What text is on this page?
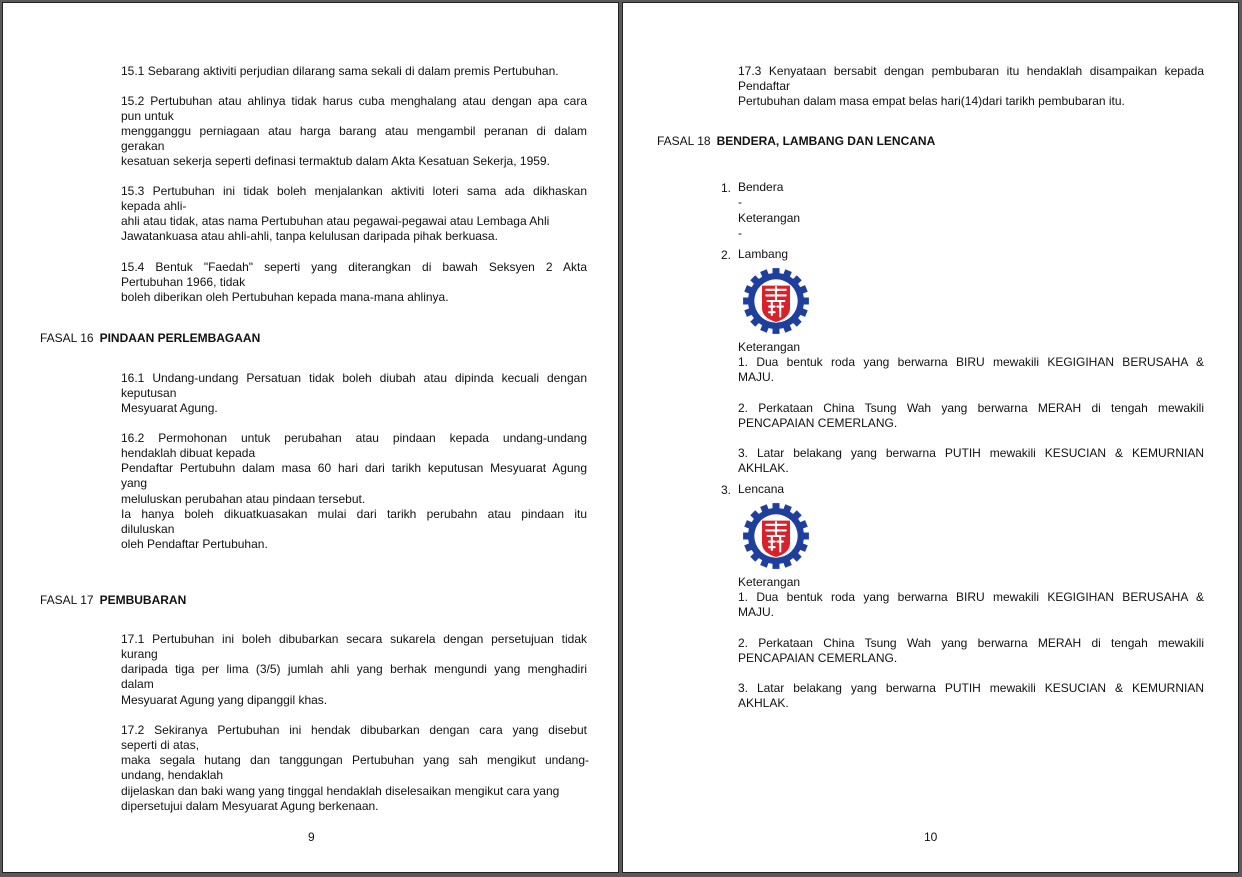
15.1 Sebarang aktiviti perjudian dilarang sama sekali di dalam premis Pertubuhan.
15.2 Pertubuhan atau ahlinya tidak harus cuba menghalang atau dengan apa cara
pun untuk
mengganggu perniagaan atau harga barang atau mengambil peranan di dalam
gerakan
kesatuan sekerja seperti definasi termaktub dalam Akta Kesatuan Sekerja, 1959.
15.3 Pertubuhan ini tidak boleh menjalankan aktiviti loteri sama ada dikhaskan
kepada ahli-
ahli atau tidak, atas nama Pertubuhan atau pegawai-pegawai atau Lembaga Ahli
Jawatankuasa atau ahli-ahli, tanpa kelulusan daripada pihak berkuasa.
15.4 Bentuk "Faedah" seperti yang diterangkan di bawah Seksyen 2 Akta
Pertubuhan 1966, tidak
boleh diberikan oleh Pertubuhan kepada mana-mana ahlinya.
FASAL 16 PINDAAN PERLEMBAGAAN
16.1 Undang-undang Persatuan tidak boleh diubah atau dipinda kecuali dengan
keputusan
Mesyuarat Agung.
16.2 Permohonan untuk perubahan atau pindaan kepada undang-undang
hendaklah dibuat kepada
Pendaftar Pertubuhn dalam masa 60 hari dari tarikh keputusan Mesyuarat Agung
yang
meluluskan perubahan atau pindaan tersebut.
Ia hanya boleh dikuatkuasakan mulai dari tarikh perubahn atau pindaan itu
diluluskan
oleh Pendaftar Pertubuhan.
FASAL 17 PEMBUBARAN
17.1 Pertubuhan ini boleh dibubarkan secara sukarela dengan persetujuan tidak
kurang
daripada tiga per lima (3/5) jumlah ahli yang berhak mengundi yang menghadiri
dalam
Mesyuarat Agung yang dipanggil khas.
17.2 Sekiranya Pertubuhan ini hendak dibubarkan dengan cara yang disebut
seperti di atas,
maka segala hutang dan tanggungan Pertubuhan yang sah mengikut undang-
undang, hendaklah
dijelaskan dan baki wang yang tinggal hendaklah diselesaikan mengikut cara yang
dipersetujui dalam Mesyuarat Agung berkenaan.
9
17.3 Kenyataan bersabit dengan pembubaran itu hendaklah disampaikan kepada
Pendaftar
Pertubuhan dalam masa empat belas hari(14)dari tarikh pembubaran itu.
FASAL 18 BENDERA, LAMBANG DAN LENCANA
1. Bendera
-
Keterangan
-
2. Lambang
Keterangan
1. Dua bentuk roda yang berwarna BIRU mewakili KEGIGIHAN BERUSAHA &
MAJU.
2. Perkataan China Tsung Wah yang berwarna MERAH di tengah mewakili
PENCAPAIAN CEMERLANG.
3. Latar belakang yang berwarna PUTIH mewakili KESUCIAN & KEMURNIAN
AKHLAK.
3. Lencana
Keterangan
1. Dua bentuk roda yang berwarna BIRU mewakili KEGIGIHAN BERUSAHA &
MAJU.
2. Perkataan China Tsung Wah yang berwarna MERAH di tengah mewakili
PENCAPAIAN CEMERLANG.
3. Latar belakang yang berwarna PUTIH mewakili KESUCIAN & KEMURNIAN
AKHLAK.
10
